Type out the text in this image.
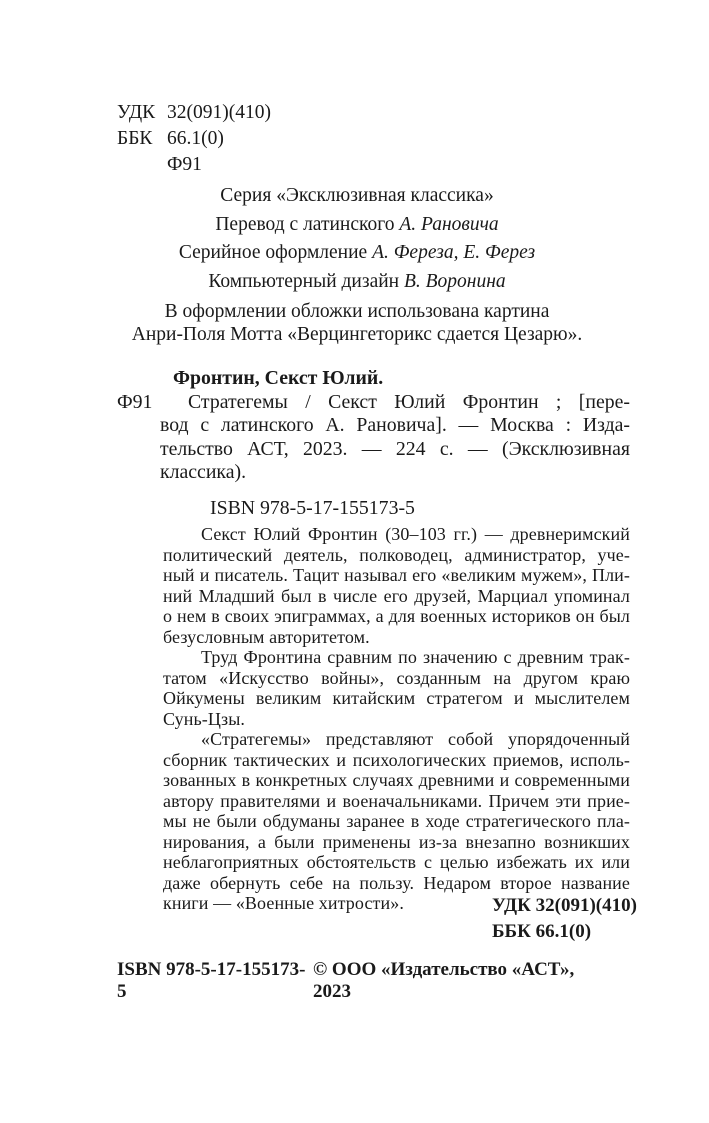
УДК 32(091)(410)
ББК 66.1(0)
Ф91
Серия «Эксклюзивная классика»
Перевод с латинского А. Рановича
Серийное оформление А. Фереза, Е. Ферез
Компьютерный дизайн В. Воронина
В оформлении обложки использована картина
Анри-Поля Мотта «Верцингеторикс сдается Цезарю».
Фронтин, Секст Юлий.
Ф91	Стратегемы / Секст Юлий Фронтин ; [пере-
вод с латинского А. Рановича]. — Москва : Изда-
тельство АСТ, 2023. — 224 с. — (Эксклюзивная
классика).
ISBN 978-5-17-155173-5
Секст Юлий Фронтин (30–103 гг.) — древнеримский
политический деятель, полководец, администратор, уче-
ный и писатель. Тацит называл его «великим мужем», Пли-
ний Младший был в числе его друзей, Марциал упоминал
о нем в своих эпиграммах, а для военных историков он был
безусловным авторитетом.
Труд Фронтина сравним по значению с древним трак-
татом «Искусство войны», созданным на другом краю
Ойкумены великим китайским стратегом и мыслителем
Сунь-Цзы.
«Стратегемы» представляют собой упорядоченный
сборник тактических и психологических приемов, исполь-
зованных в конкретных случаях древними и современными
автору правителями и военачальниками. Причем эти прие-
мы не были обдуманы заранее в ходе стратегического пла-
нирования, а были применены из-за внезапно возникших
неблагоприятных обстоятельств с целью избежать их или
даже обернуть себе на пользу. Недаром второе название
книги — «Военные хитрости».	УДК 32(091)(410)
ББК 66.1(0)
ISBN 978-5-17-155173-5
© ООО «Издательство «АСТ», 2023
